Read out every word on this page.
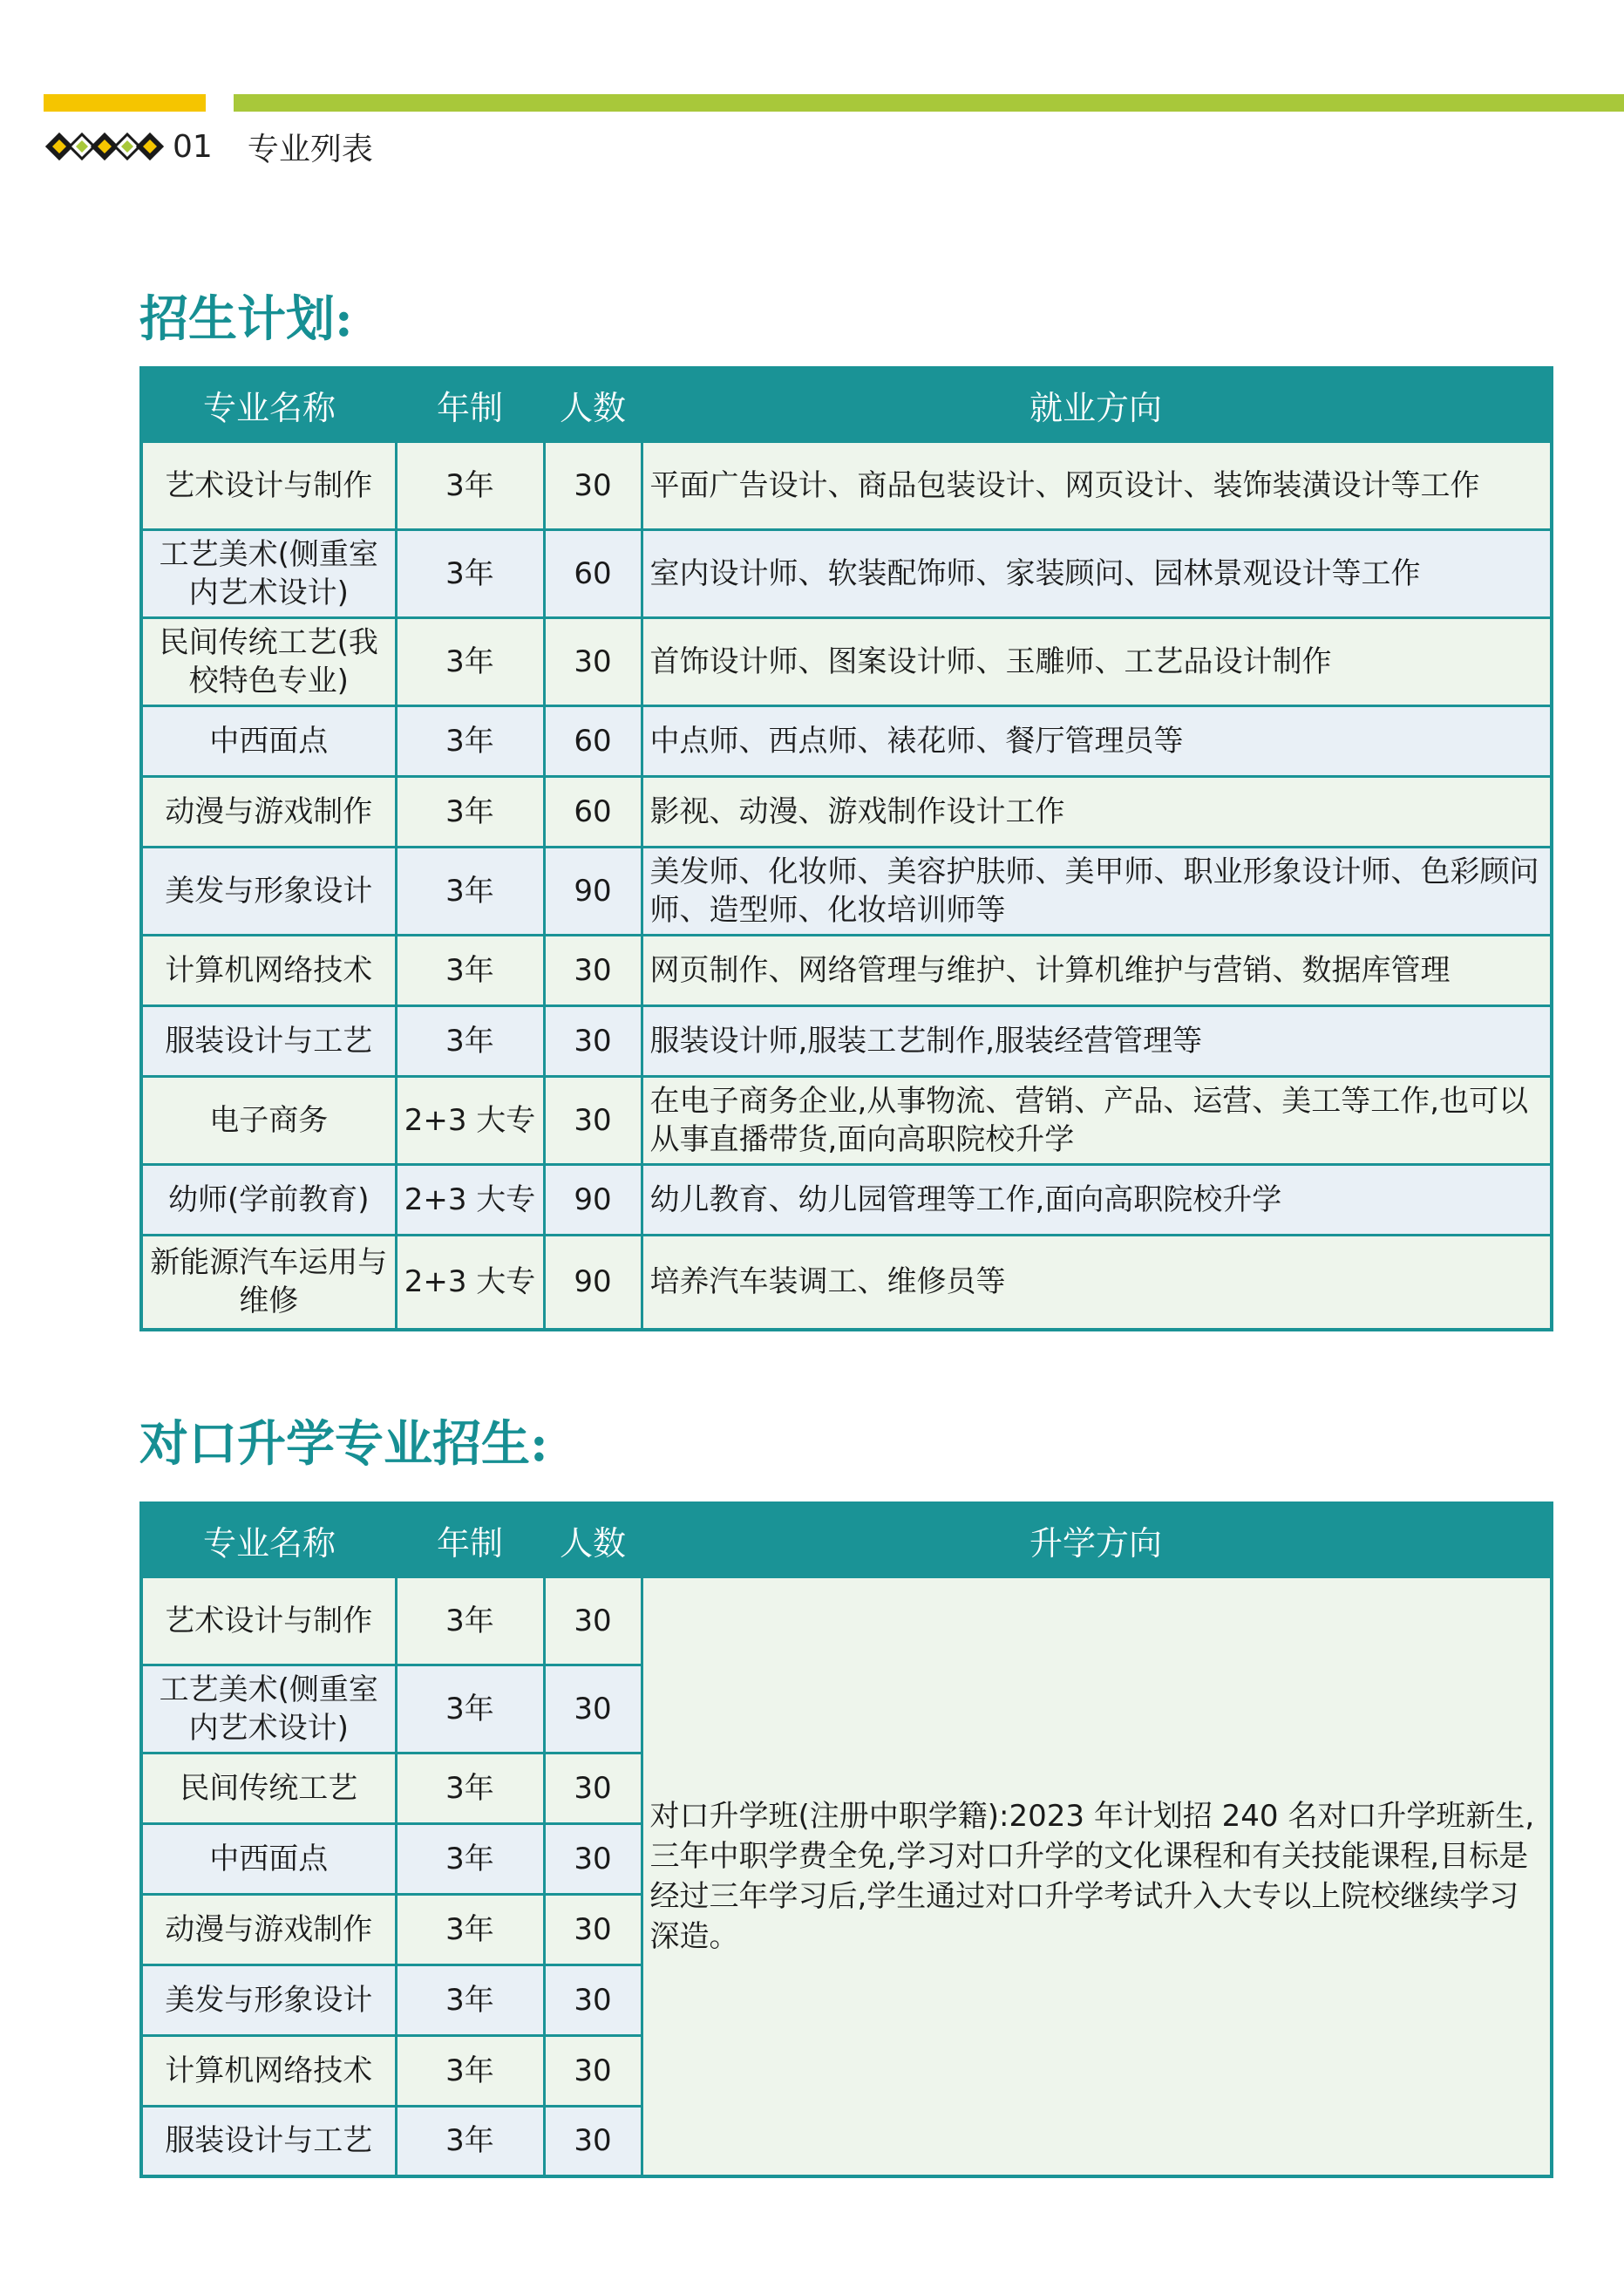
01 专业列表
招生计划:
专业名称	年制	人数	就业方向
艺术设计与制作	3年	30	平面广告设计、商品包装设计、网页设计、装饰装潢设计等工作
工艺美术(侧重室内艺术设计)	3年	60	室内设计师、软装配饰师、家装顾问、园林景观设计等工作
民间传统工艺(我校特色专业)	3年	30	首饰设计师、图案设计师、玉雕师、工艺品设计制作
中西面点	3年	60	中点师、西点师、裱花师、餐厅管理员等
动漫与游戏制作	3年	60	影视、动漫、游戏制作设计工作
美发与形象设计	3年	90	美发师、化妆师、美容护肤师、美甲师、职业形象设计师、色彩顾问师、造型师、化妆培训师等
计算机网络技术	3年	30	网页制作、网络管理与维护、计算机维护与营销、数据库管理
服装设计与工艺	3年	30	服装设计师,服装工艺制作,服装经营管理等
电子商务	2+3 大专	30	在电子商务企业,从事物流、营销、产品、运营、美工等工作,也可以从事直播带货,面向高职院校升学
幼师(学前教育)	2+3 大专	90	幼儿教育、幼儿园管理等工作,面向高职院校升学
新能源汽车运用与维修	2+3 大专	90	培养汽车装调工、维修员等
对口升学专业招生:
专业名称	年制	人数	升学方向
艺术设计与制作	3年	30	对口升学班(注册中职学籍):2023 年计划招 240 名对口升学班新生,三年中职学费全免,学习对口升学的文化课程和有关技能课程,目标是经过三年学习后,学生通过对口升学考试升入大专以上院校继续学习深造。
工艺美术(侧重室内艺术设计)	3年	30	
民间传统工艺	3年	30	
中西面点	3年	30	
动漫与游戏制作	3年	30	
美发与形象设计	3年	30	
计算机网络技术	3年	30	
服装设计与工艺	3年	30	
